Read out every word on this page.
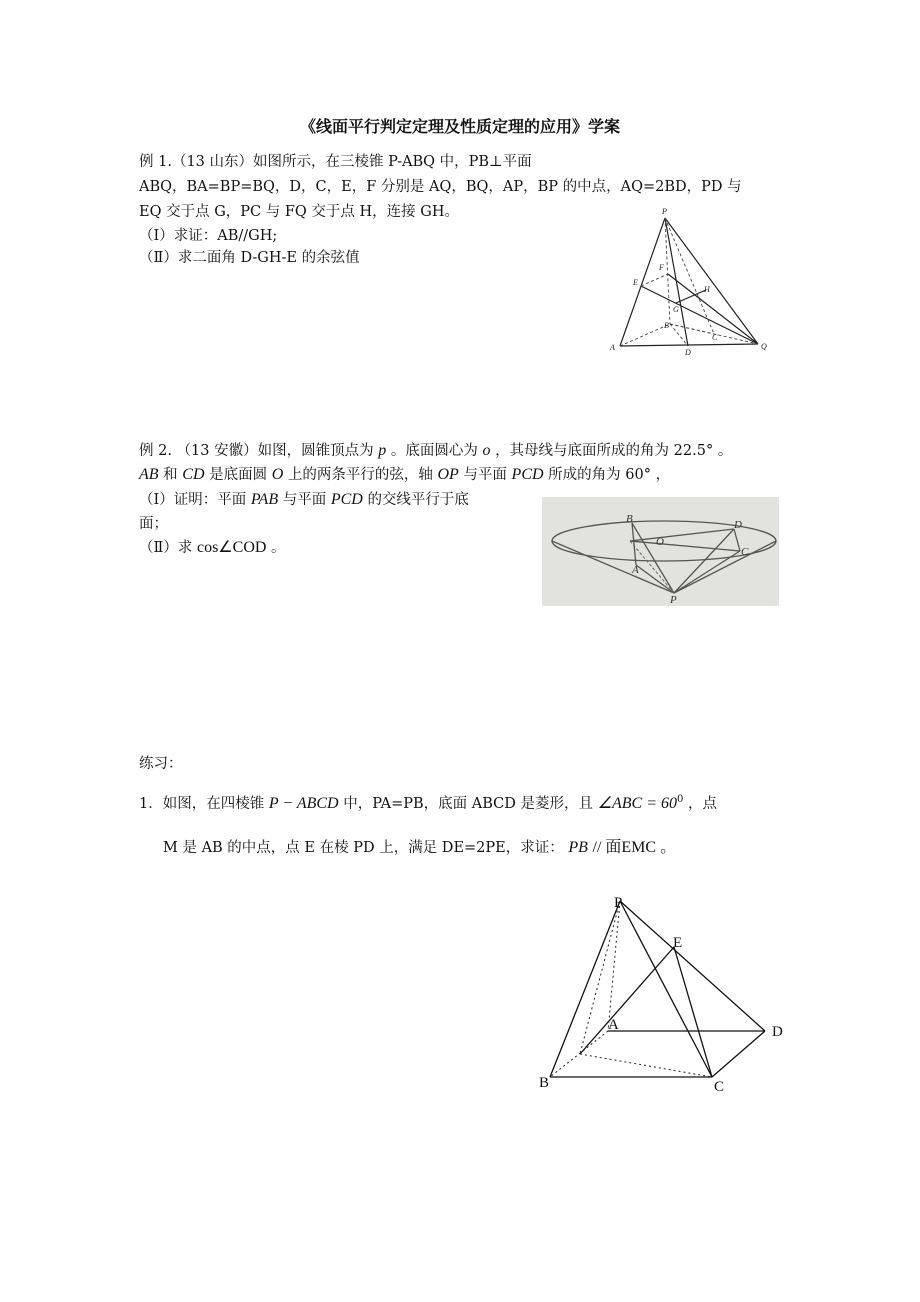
《线面平行判定定理及性质定理的应用》学案
例 1.（13 山东）如图所示，在三棱锥 P-ABQ 中，PB⊥平面
ABQ，BA=BP=BQ，D，C，E，F 分别是 AQ，BQ，AP，BP 的中点，AQ=2BD，PD 与
EQ 交于点 G，PC 与 FQ 交于点 H，连接 GH。
（Ⅰ）求证：AB//GH;
（Ⅱ）求二面角 D-GH-E 的余弦值
P
F
E
H
G
B
C
A
D
Q
例 2. （13 安徽）如图，圆锥顶点为 p 。底面圆心为 o ，其母线与底面所成的角为 22.5° 。
AB 和 CD 是底面圆 O 上的两条平行的弦，轴 OP 与平面 PCD 所成的角为 60° ，
（Ⅰ）证明：平面 PAB 与平面 PCD 的交线平行于底
面；
（Ⅱ）求 cos∠COD 。
B
O
D
C
A
P
练习：
1．如图，在四棱锥 P − ABCD 中，PA=PB，底面 ABCD 是菱形，且 ∠ABC = $60^0$ ，点
M 是 AB 的中点，点 E 在棱 PD 上，满足 DE=2PE，求证： PB // 面EMC 。
P
E
A	D
B	C
